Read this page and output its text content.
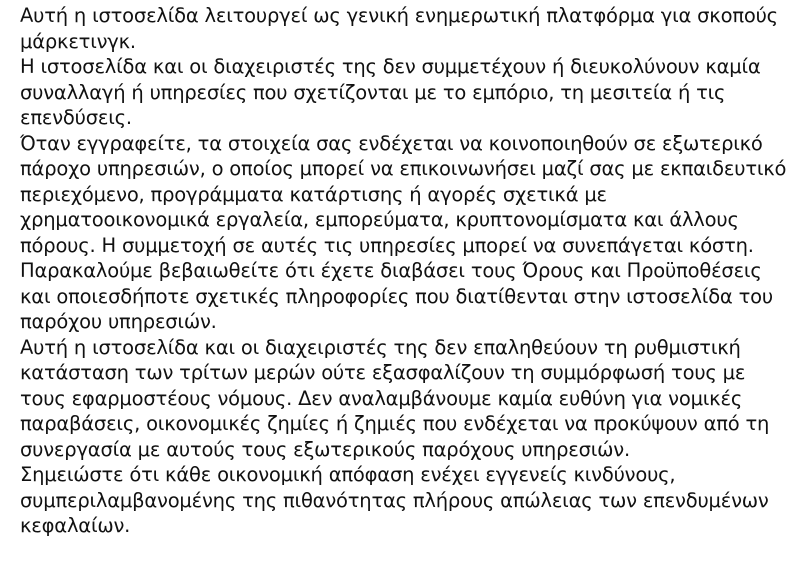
Αυτή η ιστοσελίδα λειτουργεί ως γενική ενημερωτική πλατφόρμα για σκοπούς μάρκετινγκ.

Η ιστοσελίδα και οι διαχειριστές της δεν συμμετέχουν ή διευκολύνουν καμία συναλλαγή ή υπηρεσίες που σχετίζονται με το εμπόριο, τη μεσιτεία ή τις επενδύσεις.

Όταν εγγραφείτε, τα στοιχεία σας ενδέχεται να κοινοποιηθούν σε εξωτερικό πάροχο υπηρεσιών, ο οποίος μπορεί να επικοινωνήσει μαζί σας με εκπαιδευτικό περιεχόμενο, προγράμματα κατάρτισης ή αγορές σχετικά με χρηματοοικονομικά εργαλεία, εμπορεύματα, κρυπτονομίσματα και άλλους πόρους. Η συμμετοχή σε αυτές τις υπηρεσίες μπορεί να συνεπάγεται κόστη. Παρακαλούμε βεβαιωθείτε ότι έχετε διαβάσει τους Όρους και Προϋποθέσεις και οποιεσδήποτε σχετικές πληροφορίες που διατίθενται στην ιστοσελίδα του παρόχου υπηρεσιών.

Αυτή η ιστοσελίδα και οι διαχειριστές της δεν επαληθεύουν τη ρυθμιστική κατάσταση των τρίτων μερών ούτε εξασφαλίζουν τη συμμόρφωσή τους με τους εφαρμοστέους νόμους. Δεν αναλαμβάνουμε καμία ευθύνη για νομικές παραβάσεις, οικονομικές ζημίες ή ζημιές που ενδέχεται να προκύψουν από τη συνεργασία με αυτούς τους εξωτερικούς παρόχους υπηρεσιών.

Σημειώστε ότι κάθε οικονομική απόφαση ενέχει εγγενείς κινδύνους, συμπεριλαμβανομένης της πιθανότητας πλήρους απώλειας των επενδυμένων κεφαλαίων.
